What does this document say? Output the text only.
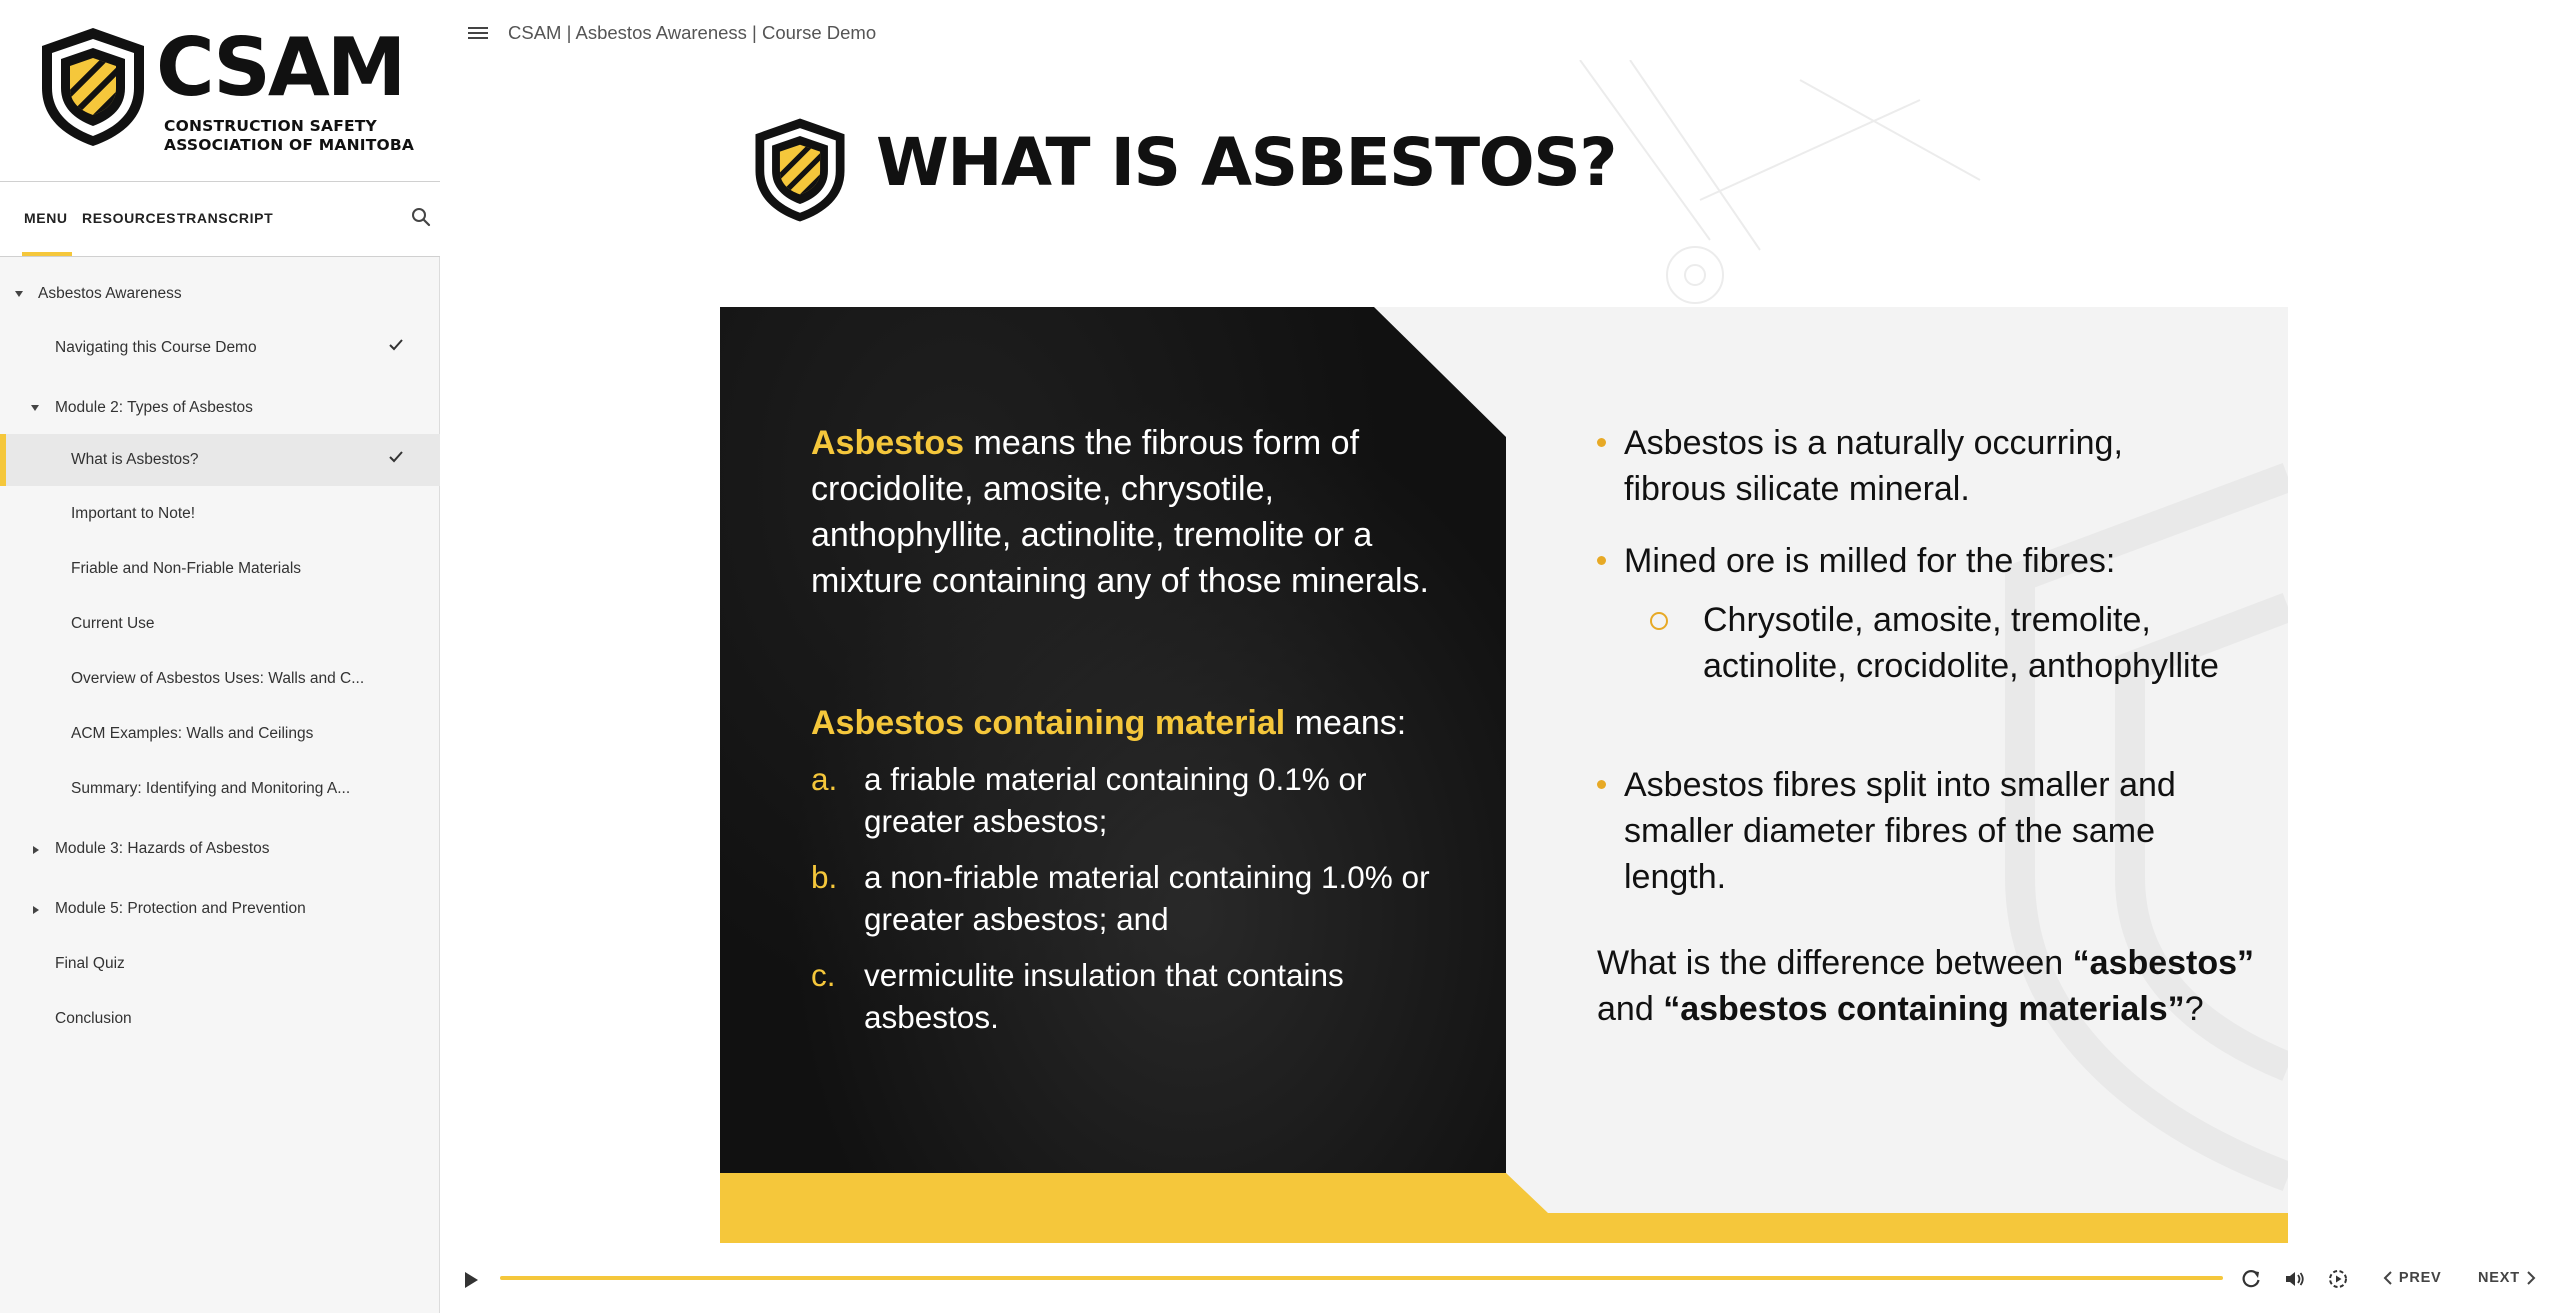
CSAM
CONSTRUCTION SAFETY
ASSOCIATION OF MANITOBA
MENU RESOURCES TRANSCRIPT
Asbestos Awareness
Navigating this Course Demo
Module 2: Types of Asbestos
What is Asbestos?
Important to Note!
Friable and Non-Friable Materials
Current Use
Overview of Asbestos Uses: Walls and C...
ACM Examples: Walls and Ceilings
Summary: Identifying and Monitoring A...
Module 3: Hazards of Asbestos
Module 5: Protection and Prevention
Final Quiz
Conclusion
CSAM | Asbestos Awareness | Course Demo
WHAT IS ASBESTOS?
Asbestos means the fibrous form of crocidolite, amosite, chrysotile, anthophyllite, actinolite, tremolite or a mixture containing any of those minerals.
Asbestos containing material means:
a. a friable material containing 0.1% or greater asbestos;
b. a non-friable material containing 1.0% or greater asbestos; and
c. vermiculite insulation that contains asbestos.
Asbestos is a naturally occurring, fibrous silicate mineral.
Mined ore is milled for the fibres:
Chrysotile, amosite, tremolite, actinolite, crocidolite, anthophyllite
Asbestos fibres split into smaller and smaller diameter fibres of the same length.
What is the difference between “asbestos” and “asbestos containing materials”?
PREV	NEXT
